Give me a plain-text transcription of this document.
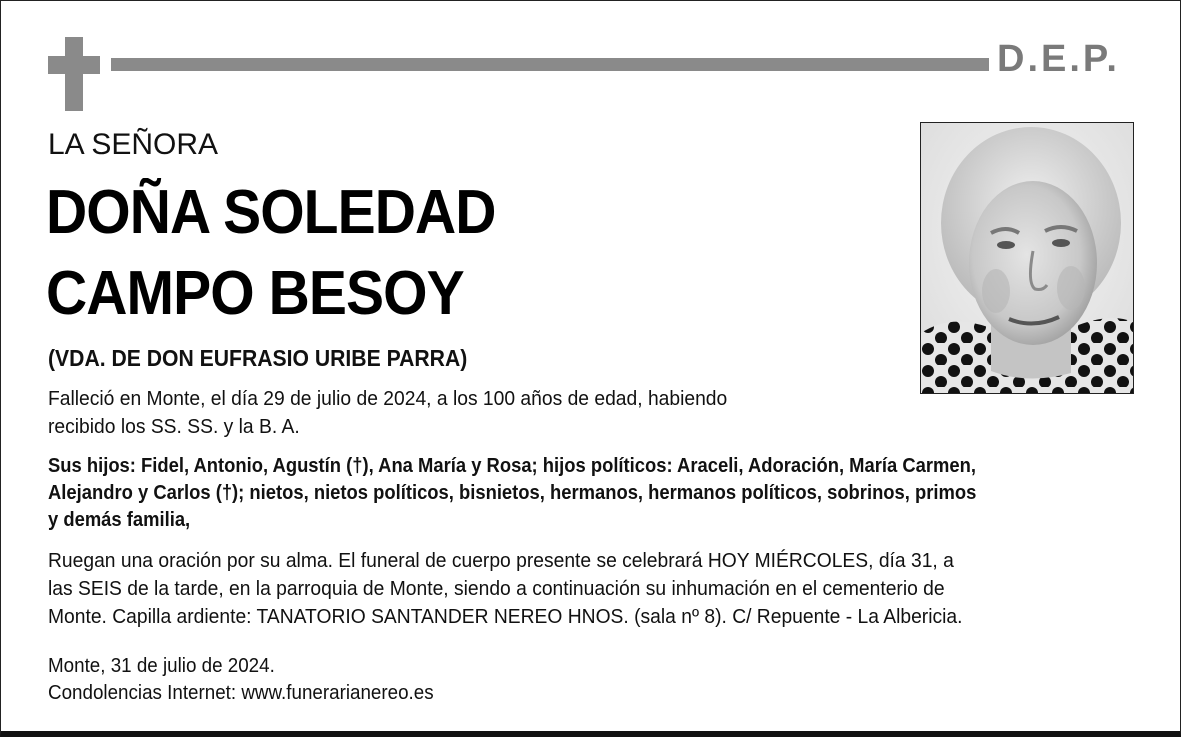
D.E.P.
LA SEÑORA
DOÑA SOLEDAD
CAMPO BESOY
(VDA. DE DON EUFRASIO URIBE PARRA)
Falleció en Monte, el día 29 de julio de 2024, a los 100 años de edad, habiendo
recibido los SS. SS. y la B. A.
Sus hijos: Fidel, Antonio, Agustín (†), Ana María y Rosa; hijos políticos: Araceli, Adoración, María Carmen,
Alejandro y Carlos (†); nietos, nietos políticos, bisnietos, hermanos, hermanos políticos, sobrinos, primos
y demás familia,
Ruegan una oración por su alma. El funeral de cuerpo presente se celebrará HOY MIÉRCOLES, día 31, a
las SEIS de la tarde, en la parroquia de Monte, siendo a continuación su inhumación en el cementerio de
Monte. Capilla ardiente: TANATORIO SANTANDER NEREO HNOS. (sala nº 8). C/ Repuente - La Albericia.
Monte, 31 de julio de 2024.
Condolencias Internet: www.funerarianereo.es
